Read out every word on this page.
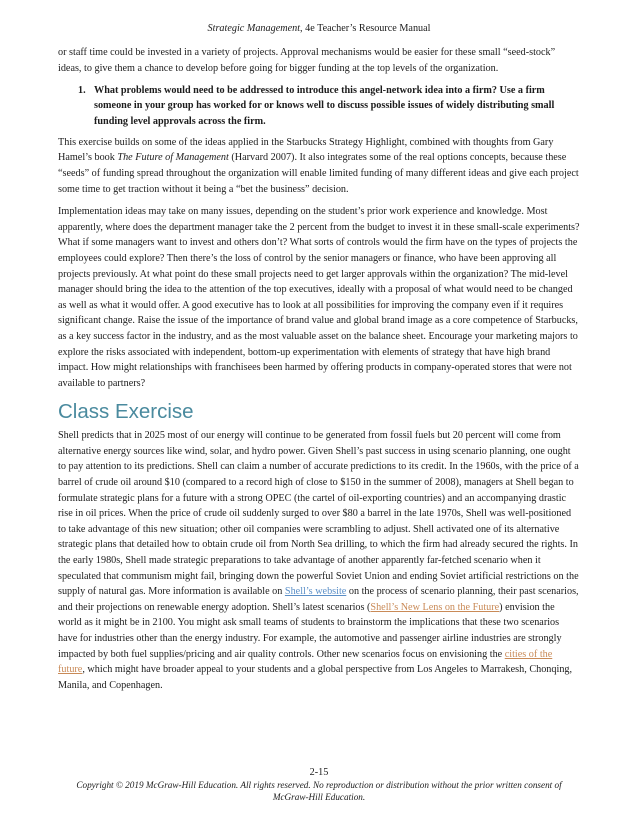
Strategic Management, 4e Teacher’s Resource Manual

or staff time could be invested in a variety of projects. Approval mechanisms would be easier for these small “seed-stock” ideas, to give them a chance to develop before going for bigger funding at the top levels of the organization.

1. What problems would need to be addressed to introduce this angel-network idea into a firm? Use a firm someone in your group has worked for or knows well to discuss possible issues of widely distributing small funding level approvals across the firm.

This exercise builds on some of the ideas applied in the Starbucks Strategy Highlight, combined with thoughts from Gary Hamel’s book The Future of Management (Harvard 2007). It also integrates some of the real options concepts, because these “seeds” of funding spread throughout the organization will enable limited funding of many different ideas and give each project some time to get traction without it being a “bet the business” decision.

Implementation ideas may take on many issues, depending on the student’s prior work experience and knowledge. Most apparently, where does the department manager take the 2 percent from the budget to invest it in these small-scale experiments? What if some managers want to invest and others don’t? What sorts of controls would the firm have on the types of projects the employees could explore? Then there’s the loss of control by the senior managers or finance, who have been approving all projects previously. At what point do these small projects need to get larger approvals within the organization? The mid-level manager should bring the idea to the attention of the top executives, ideally with a proposal of what would need to be changed as well as what it would offer. A good executive has to look at all possibilities for improving the company even if it requires significant change. Raise the issue of the importance of brand value and global brand image as a core competence of Starbucks, as a key success factor in the industry, and as the most valuable asset on the balance sheet. Encourage your marketing majors to explore the risks associated with independent, bottom-up experimentation with elements of strategy that have high brand impact. How might relationships with franchisees been harmed by offering products in company-operated stores that were not available to partners?

Class Exercise

Shell predicts that in 2025 most of our energy will continue to be generated from fossil fuels but 20 percent will come from alternative energy sources like wind, solar, and hydro power. Given Shell’s past success in using scenario planning, one ought to pay attention to its predictions. Shell can claim a number of accurate predictions to its credit. In the 1960s, with the price of a barrel of crude oil around $10 (compared to a record high of close to $150 in the summer of 2008), managers at Shell began to formulate strategic plans for a future with a strong OPEC (the cartel of oil-exporting countries) and an accompanying drastic rise in oil prices. When the price of crude oil suddenly surged to over $80 a barrel in the late 1970s, Shell was well-positioned to take advantage of this new situation; other oil companies were scrambling to adjust. Shell activated one of its alternative strategic plans that detailed how to obtain crude oil from North Sea drilling, to which the firm had already secured the rights. In the early 1980s, Shell made strategic preparations to take advantage of another apparently far-fetched scenario when it speculated that communism might fail, bringing down the powerful Soviet Union and ending Soviet artificial restrictions on the supply of natural gas. More information is available on Shell’s website on the process of scenario planning, their past scenarios, and their projections on renewable energy adoption. Shell’s latest scenarios (Shell’s New Lens on the Future) envision the world as it might be in 2100. You might ask small teams of students to brainstorm the implications that these two scenarios have for industries other than the energy industry. For example, the automotive and passenger airline industries are strongly impacted by both fuel supplies/pricing and air quality controls. Other new scenarios focus on envisioning the cities of the future, which might have broader appeal to your students and a global perspective from Los Angeles to Marrakesh, Chonqing, Manila, and Copenhagen.

2-15
Copyright © 2019 McGraw-Hill Education. All rights reserved. No reproduction or distribution without the prior written consent of McGraw-Hill Education.
